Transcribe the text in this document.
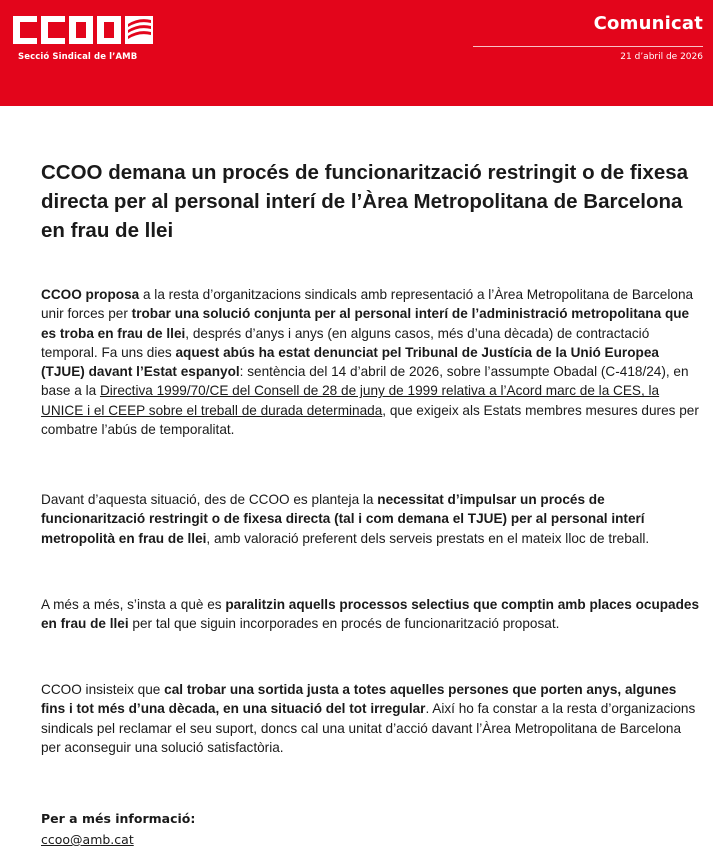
Secció Sindical de l’AMB
Comunicat
21 d’abril de 2026
CCOO demana un procés de funcionarització restringit o de fixesa directa per al personal interí de l’Àrea Metropolitana de Barcelona en frau de llei

CCOO proposa a la resta d’organitzacions sindicals amb representació a l’Àrea Metropolitana de Barcelona unir forces per trobar una solució conjunta per al personal interí de l’administració metropolitana que es troba en frau de llei, després d’anys i anys (en alguns casos, més d’una dècada) de contractació temporal. Fa uns dies aquest abús ha estat denunciat pel Tribunal de Justícia de la Unió Europea (TJUE) davant l’Estat espanyol: sentència del 14 d’abril de 2026, sobre l’assumpte Obadal (C-418/24), en base a la Directiva 1999/70/CE del Consell de 28 de juny de 1999 relativa a l’Acord marc de la CES, la UNICE i el CEEP sobre el treball de durada determinada, que exigeix als Estats membres mesures dures per combatre l’abús de temporalitat.

Davant d’aquesta situació, des de CCOO es planteja la necessitat d’impulsar un procés de funcionarització restringit o de fixesa directa (tal i com demana el TJUE) per al personal interí metropolità en frau de llei, amb valoració preferent dels serveis prestats en el mateix lloc de treball.

A més a més, s’insta a què es paralitzin aquells processos selectius que comptin amb places ocupades en frau de llei per tal que siguin incorporades en procés de funcionarització proposat.

CCOO insisteix que cal trobar una sortida justa a totes aquelles persones que porten anys, algunes fins i tot més d’una dècada, en una situació del tot irregular. Així ho fa constar a la resta d’organizacions sindicals pel reclamar el seu suport, doncs cal una unitat d’acció davant l’Àrea Metropolitana de Barcelona per aconseguir una solució satisfactòria.

Per a més informació:

ccoo@amb.cat
